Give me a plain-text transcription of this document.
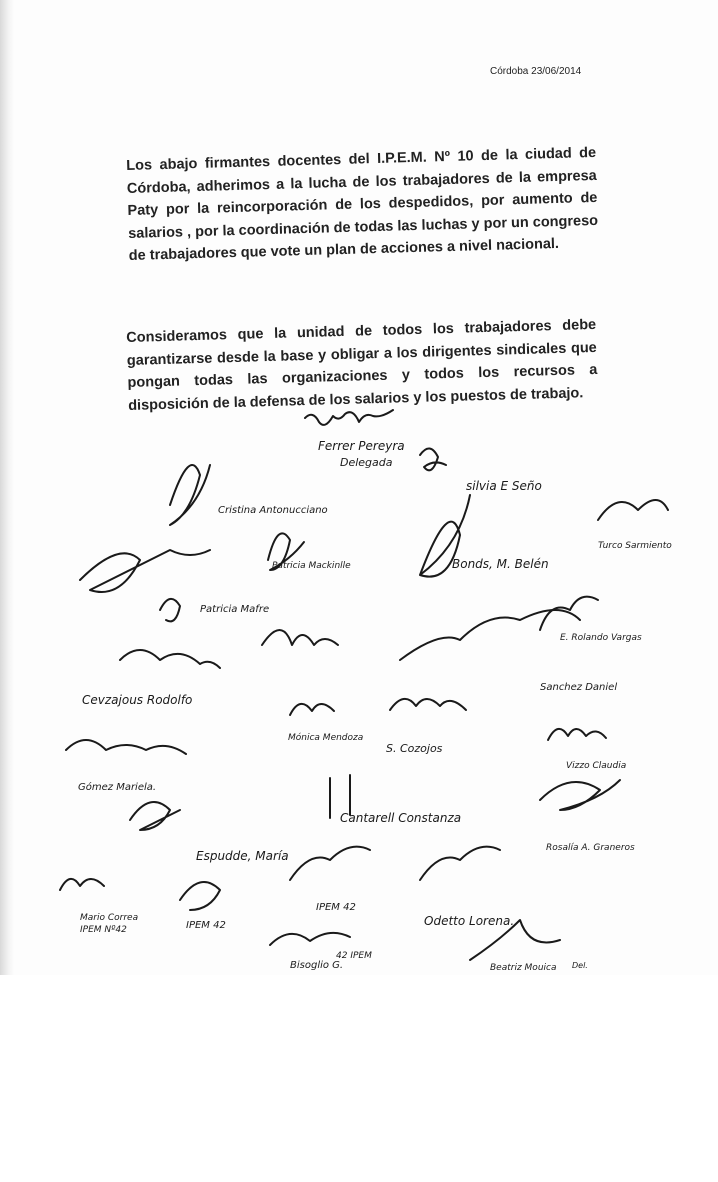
Córdoba 23/06/2014

Los abajo firmantes docentes del I.P.E.M. Nº 10 de la ciudad de Córdoba, adherimos a la lucha de los trabajadores de la empresa Paty por la reincorporación de los despedidos, por aumento de salarios , por la coordinación de todas las luchas y por un congreso de trabajadores que vote un plan de acciones a nivel nacional.

Consideramos que la unidad de todos los trabajadores debe garantizarse desde la base y obligar a los dirigentes sindicales que pongan todas las organizaciones y todos los recursos a disposición de la defensa de los salarios y los puestos de trabajo.

Ferrer Pereyra
Delegada
silvia E Seño
Cristina Antonucciano
Patricia Mackinlle	Bonds, M. Belén
Turco Sarmiento
Patricia Mafre
E. Rolando Vargas
Cevzajous Rodolfo
Sanchez Daniel
Mónica Mendoza
S. Cozojos
Vizzo Claudia
Gómez Mariela.
Cantarell Constanza
Espudde, María
Rosalía A. Graneros
Mario Correa
IPEM Nº42	IPEM 42
IPEM 42
Odetto Lorena.
Bisoglio G.
42 IPEM
Beatriz Mouica Del.
